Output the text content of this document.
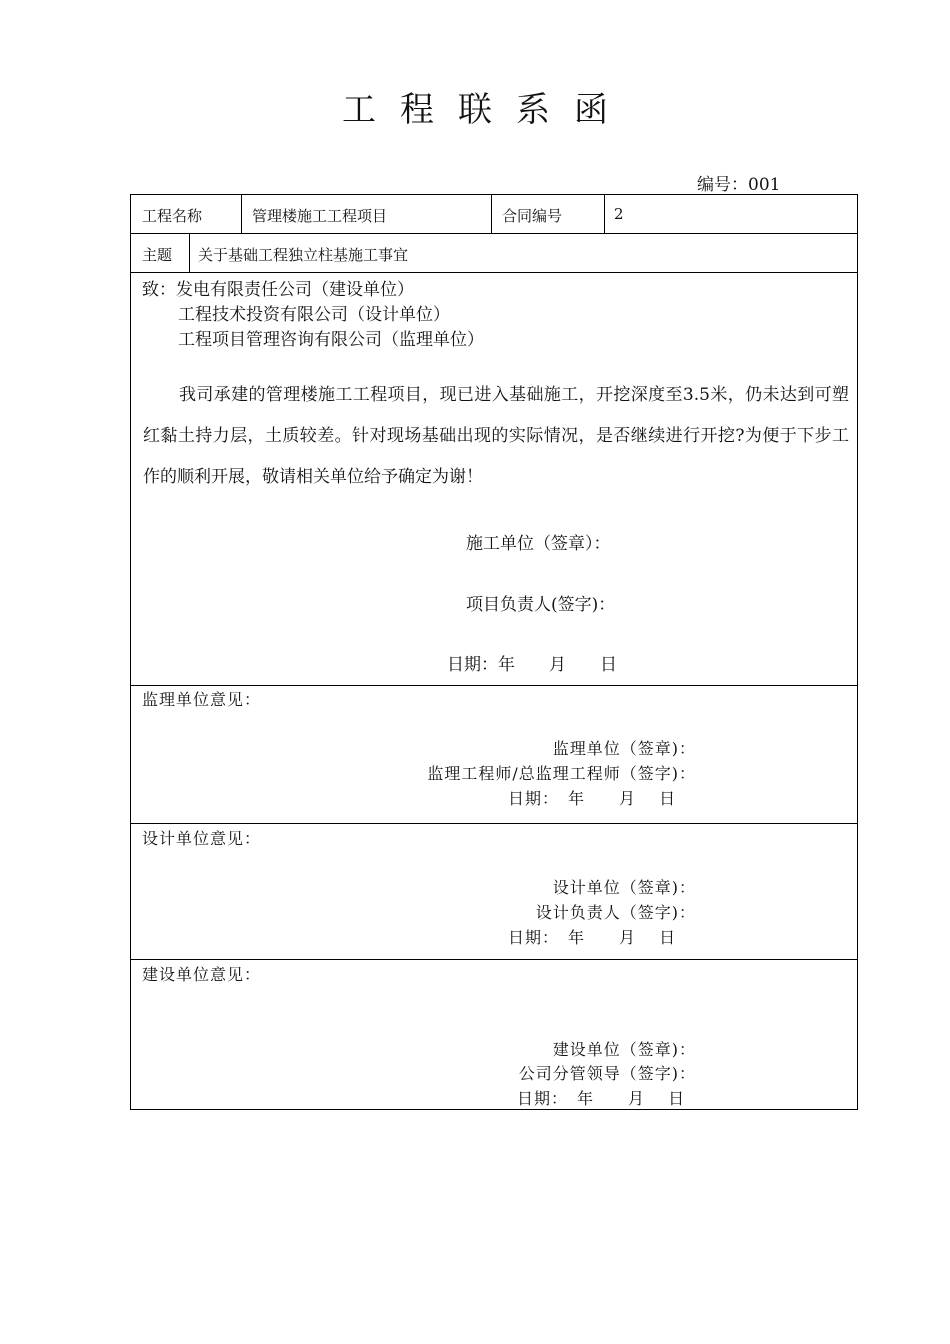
工程联系函
编号：001
工程名称	管理楼施工工程项目	合同编号	2
主题 关于基础工程独立柱基施工事宜
致：发电有限责任公司（建设单位）
工程技术投资有限公司（设计单位）
工程项目管理咨询有限公司（监理单位）
我司承建的管理楼施工工程项目，现已进入基础施工，开挖深度至3.5米，仍未达到可塑红黏土持力层，土质较差。针对现场基础出现的实际情况，是否继续进行开挖?为便于下步工作的顺利开展，敬请相关单位给予确定为谢！
施工单位（签章）：
项目负责人(签字)：
日期：年　　月　　日
监理单位意见：
监理单位（签章)：
监理工程师/总监理工程师（签字)：
日期：　年　　月　 日
设计单位意见：
设计单位（签章)：
设计负责人（签字)：
日期：　年　　月　 日
建设单位意见：
建设单位（签章)：
公司分管领导（签字)：
日期：　年　　月　 日
